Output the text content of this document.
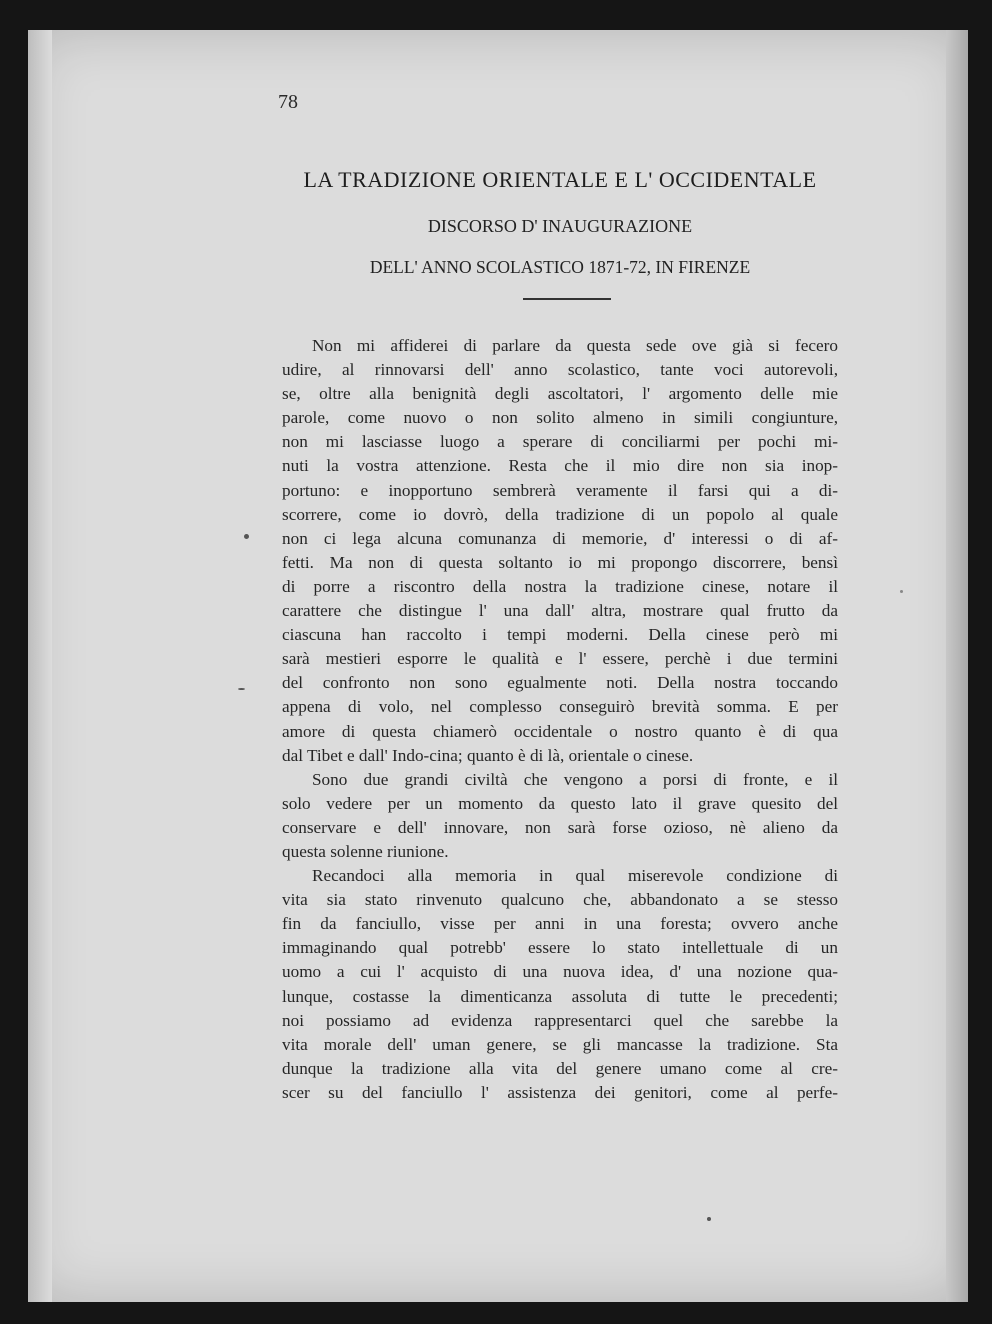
78
LA TRADIZIONE ORIENTALE E L' OCCIDENTALE
DISCORSO D' INAUGURAZIONE
DELL' ANNO SCOLASTICO 1871-72, IN FIRENZE
Non mi affiderei di parlare da questa sede ove già si fecero
udire, al rinnovarsi dell' anno scolastico, tante voci autorevoli,
se, oltre alla benignità degli ascoltatori, l' argomento delle mie
parole, come nuovo o non solito almeno in simili congiunture,
non mi lasciasse luogo a sperare di conciliarmi per pochi mi-
nuti la vostra attenzione. Resta che il mio dire non sia inop-
portuno: e inopportuno sembrerà veramente il farsi qui a di-
scorrere, come io dovrò, della tradizione di un popolo al quale
non ci lega alcuna comunanza di memorie, d' interessi o di af-
fetti. Ma non di questa soltanto io mi propongo discorrere, bensì
di porre a riscontro della nostra la tradizione cinese, notare il
carattere che distingue l' una dall' altra, mostrare qual frutto da
ciascuna han raccolto i tempi moderni. Della cinese però mi
sarà mestieri esporre le qualità e l' essere, perchè i due termini
del confronto non sono egualmente noti. Della nostra toccando
appena di volo, nel complesso conseguirò brevità somma. E per
amore di questa chiamerò occidentale o nostro quanto è di qua
dal Tibet e dall' Indo-cina; quanto è di là, orientale o cinese.
Sono due grandi civiltà che vengono a porsi di fronte, e il
solo vedere per un momento da questo lato il grave quesito del
conservare e dell' innovare, non sarà forse ozioso, nè alieno da
questa solenne riunione.
Recandoci alla memoria in qual miserevole condizione di
vita sia stato rinvenuto qualcuno che, abbandonato a se stesso
fin da fanciullo, visse per anni in una foresta; ovvero anche
immaginando qual potrebb' essere lo stato intellettuale di un
uomo a cui l' acquisto di una nuova idea, d' una nozione qua-
lunque, costasse la dimenticanza assoluta di tutte le precedenti;
noi possiamo ad evidenza rappresentarci quel che sarebbe la
vita morale dell' uman genere, se gli mancasse la tradizione. Sta
dunque la tradizione alla vita del genere umano come al cre-
scer su del fanciullo l' assistenza dei genitori, come al perfe-
